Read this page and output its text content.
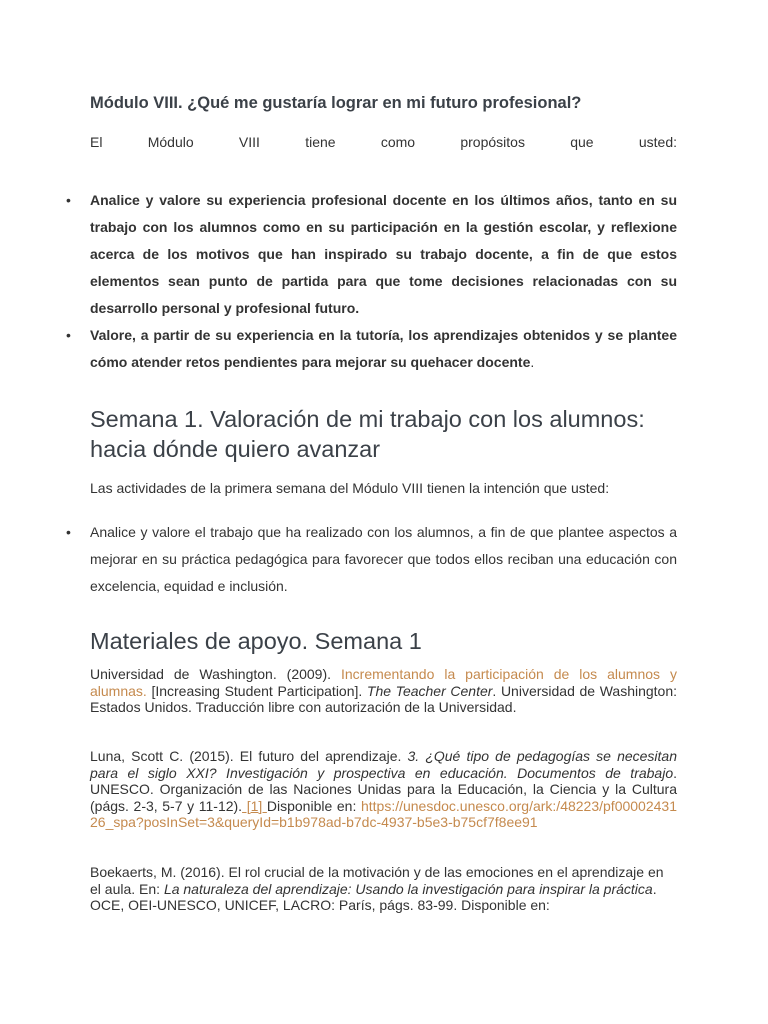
Módulo VIII. ¿Qué me gustaría lograr en mi futuro profesional?

El Módulo VIII tiene como propósitos que usted:

• Analice y valore su experiencia profesional docente en los últimos años, tanto en su trabajo con los alumnos como en su participación en la gestión escolar, y reflexione acerca de los motivos que han inspirado su trabajo docente, a fin de que estos elementos sean punto de partida para que tome decisiones relacionadas con su desarrollo personal y profesional futuro.
• Valore, a partir de su experiencia en la tutoría, los aprendizajes obtenidos y se plantee cómo atender retos pendientes para mejorar su quehacer docente.
Semana 1. Valoración de mi trabajo con los alumnos: hacia dónde quiero avanzar

Las actividades de la primera semana del Módulo VIII tienen la intención que usted:

• Analice y valore el trabajo que ha realizado con los alumnos, a fin de que plantee aspectos a mejorar en su práctica pedagógica para favorecer que todos ellos reciban una educación con excelencia, equidad e inclusión.
Materiales de apoyo. Semana 1

Universidad de Washington. (2009). Incrementando la participación de los alumnos y alumnas. [Increasing Student Participation]. The Teacher Center. Universidad de Washington: Estados Unidos. Traducción libre con autorización de la Universidad.

Luna, Scott C. (2015). El futuro del aprendizaje. 3. ¿Qué tipo de pedagogías se necesitan para el siglo XXI? Investigación y prospectiva en educación. Documentos de trabajo. UNESCO. Organización de las Naciones Unidas para la Educación, la Ciencia y la Cultura (págs. 2-3, 5-7 y 11-12). [1] Disponible en: https://unesdoc.unesco.org/ark:/48223/pf0000243126_spa?posInSet=3&queryId=b1b978ad-b7dc-4937-b5e3-b75cf7f8ee91

Boekaerts, M. (2016). El rol crucial de la motivación y de las emociones en el aprendizaje en el aula. En: La naturaleza del aprendizaje: Usando la investigación para inspirar la práctica. OCE, OEI-UNESCO, UNICEF, LACRO: París, págs. 83-99. Disponible en:
